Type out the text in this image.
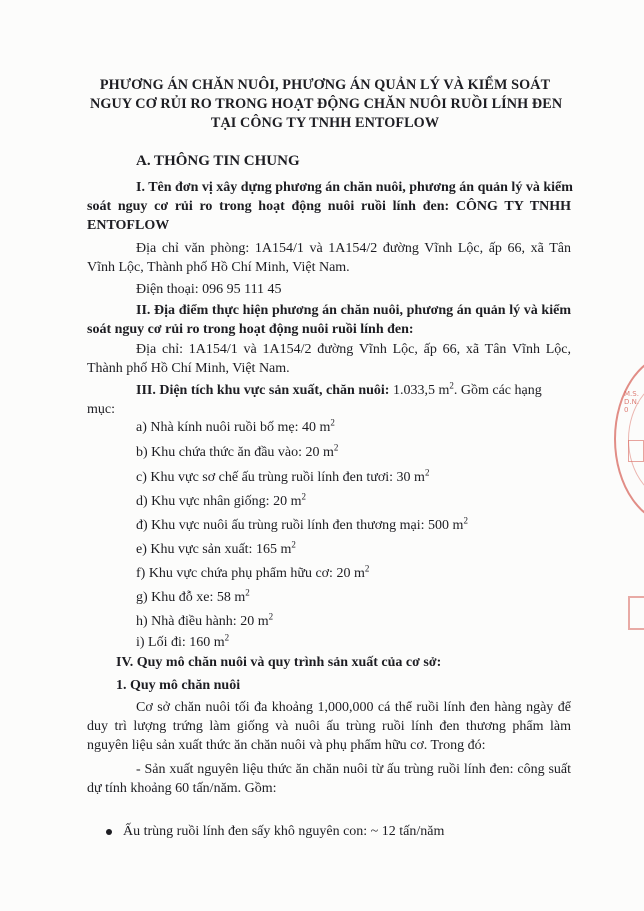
PHƯƠNG ÁN CHĂN NUÔI, PHƯƠNG ÁN QUẢN LÝ VÀ KIỂM SOÁT
NGUY CƠ RỦI RO TRONG HOẠT ĐỘNG CHĂN NUÔI RUỒI LÍNH ĐEN
TẠI CÔNG TY TNHH ENTOFLOW
A. THÔNG TIN CHUNG
I. Tên đơn vị xây dựng phương án chăn nuôi, phương án quản lý và kiểm
soát nguy cơ rủi ro trong hoạt động nuôi ruồi lính đen: CÔNG TY TNHH
ENTOFLOW
Địa chỉ văn phòng: 1A154/1 và 1A154/2 đường Vĩnh Lộc, ấp 66, xã Tân
Vĩnh Lộc, Thành phố Hồ Chí Minh, Việt Nam.
Điện thoại: 096 95 111 45
II. Địa điểm thực hiện phương án chăn nuôi, phương án quản lý và kiểm
soát nguy cơ rủi ro trong hoạt động nuôi ruồi lính đen:
Địa chỉ: 1A154/1 và 1A154/2 đường Vĩnh Lộc, ấp 66, xã Tân Vĩnh Lộc,
Thành phố Hồ Chí Minh, Việt Nam.
III. Diện tích khu vực sản xuất, chăn nuôi: 1.033,5 $m^2$. Gồm các hạng
mục:
a) Nhà kính nuôi ruồi bố mẹ: 40 $m^2$
b) Khu chứa thức ăn đầu vào: 20 $m^2$
c) Khu vực sơ chế ấu trùng ruồi lính đen tươi: 30 $m^2$
d) Khu vực nhân giống: 20 $m^2$
đ) Khu vực nuôi ấu trùng ruồi lính đen thương mại: 500 $m^2$
e) Khu vực sản xuất: 165 $m^2$
f) Khu vực chứa phụ phẩm hữu cơ: 20 $m^2$
g) Khu đỗ xe: 58 $m^2$
h) Nhà điều hành: 20 $m^2$
i) Lối đi: 160 $m^2$
IV. Quy mô chăn nuôi và quy trình sản xuất của cơ sở:
1. Quy mô chăn nuôi
Cơ sở chăn nuôi tối đa khoảng 1,000,000 cá thể ruồi lính đen hàng ngày để
duy trì lượng trứng làm giống và nuôi ấu trùng ruồi lính đen thương phẩm làm
nguyên liệu sản xuất thức ăn chăn nuôi và phụ phẩm hữu cơ. Trong đó:
- Sản xuất nguyên liệu thức ăn chăn nuôi từ ấu trùng ruồi lính đen: công suất
dự tính khoảng 60 tấn/năm. Gồm:
Ấu trùng ruồi lính đen sấy khô nguyên con: ~ 12 tấn/năm
M.S.D.N.0
